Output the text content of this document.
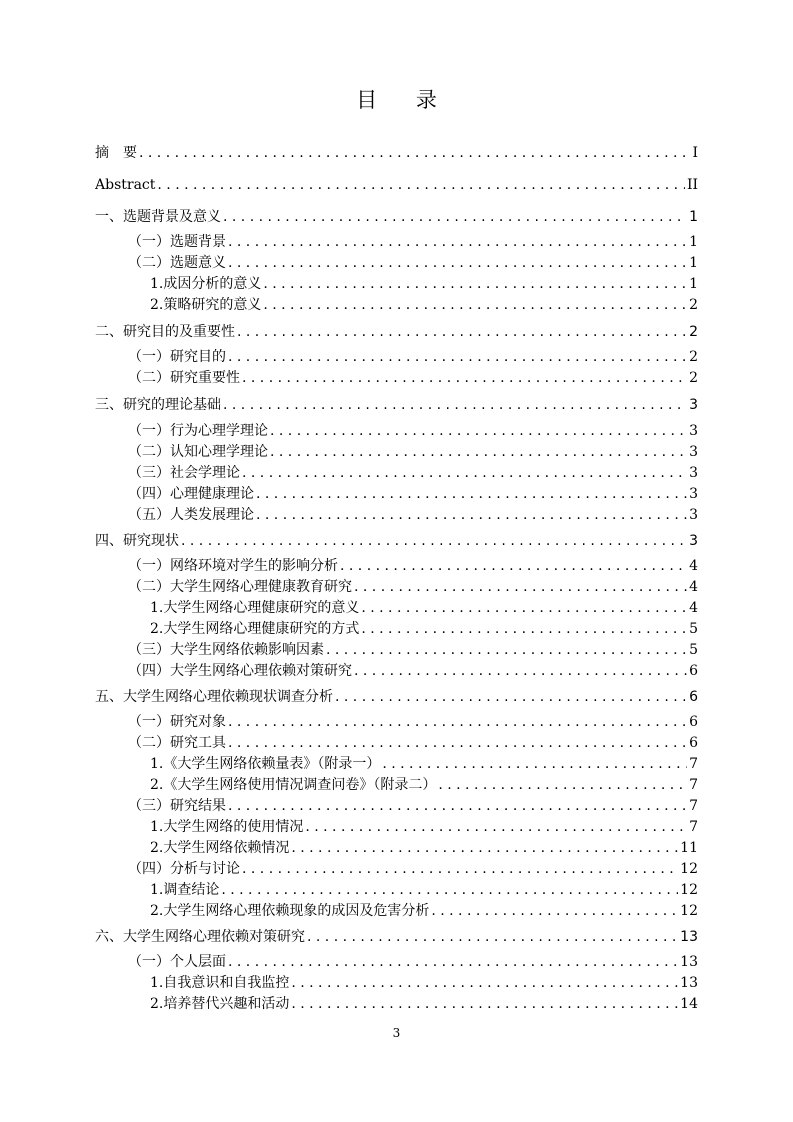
目 录
摘　要 . . .	I
Abstract . . .	II
一、 选题背景及意义 . . .	1
（一） 选题背景 . . .	1
（二） 选题意义 . . .	1
1. 成因分析的意义 . . .	1
2. 策略研究的意义 . . .	2
二、 研究目的及重要性 . . .	2
（一） 研究目的 . . .	2
（二） 研究重要性 . . .	2
三、 研究的理论基础 . . .	3
（一） 行为心理学理论 . . .	3
（二） 认知心理学理论 . . .	3
（三） 社会学理论 . . .	3
（四） 心理健康理论 . . .	3
（五） 人类发展理论 . . .	3
四、 研究现状 . . .	3
（一） 网络环境对学生的影响分析 . . .	4
（二） 大学生网络心理健康教育研究 . . .	4
1. 大学生网络心理健康研究的意义 . . .	4
2. 大学生网络心理健康研究的方式 . . .	5
（三） 大学生网络依赖影响因素 . . .	5
（四） 大学生网络心理依赖对策研究 . . .	6
五、 大学生网络心理依赖现状调查分析 . . .	6
（一） 研究对象 . . .	6
（二） 研究工具 . . .	6
1. 《大学生网络依赖量表》（附录一） . . .	7
2. 《大学生网络使用情况调查问卷》（附录二） . . .	7
（三） 研究结果 . . .	7
1. 大学生网络的使用情况 . . .	7
2. 大学生网络依赖情况 . . .	11
（四） 分析与讨论 . . .	12
1. 调查结论 . . .	12
2. 大学生网络心理依赖现象的成因及危害分析 . . .	12
六、 大学生网络心理依赖对策研究 . . .	13
（一） 个人层面 . . .	13
1. 自我意识和自我监控 . . .	13
2. 培养替代兴趣和活动 . . .	14
3
